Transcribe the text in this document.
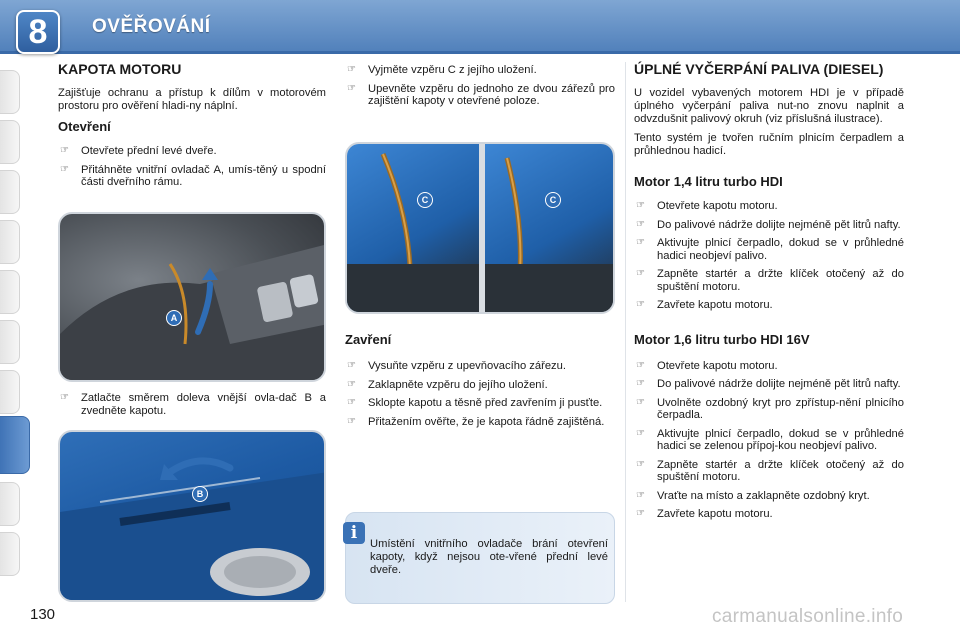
8	OVĚŘOVÁNÍ
KAPOTA MOTORU

Zajišťuje ochranu a přístup k dílům v motorovém prostoru pro ověření hladi-ny náplní.

Otevření
☞ Otevřete přední levé dveře.
☞ Přitáhněte vnitřní ovladač A, umís-těný u spodní části dveřního rámu.
A
☞ Zatlačte směrem doleva vnější ovla-dač B a zvedněte kapotu.
B
☞ Vyjměte vzpěru C z jejího uložení.
☞ Upevněte vzpěru do jednoho ze dvou zářezů pro zajištění kapoty v otevřené poloze.
C	C
Zavření
☞ Vysuňte vzpěru z upevňovacího zářezu.
☞ Zaklapněte vzpěru do jejího uložení.
☞ Sklopte kapotu a těsně před zavřením ji pusťte.
☞ Přitažením ověřte, že je kapota řádně zajištěná.
i
Umístění vnitřního ovladače brání otevření kapoty, když nejsou ote-vřené přední levé dveře.
ÚPLNÉ VYČERPÁNÍ PALIVA (DIESEL)

U vozidel vybavených motorem HDI je v případě úplného vyčerpání paliva nut-no znovu naplnit a odvzdušnit palivový okruh (viz příslušná ilustrace).

Tento systém je tvořen ručním plnicím čerpadlem a průhlednou hadicí.

Motor 1,4 litru turbo HDI
☞ Otevřete kapotu motoru.
☞ Do palivové nádrže dolijte nejméně pět litrů nafty.
☞ Aktivujte plnicí čerpadlo, dokud se v průhledné hadici neobjeví palivo.
☞ Zapněte startér a držte klíček otočený až do spuštění motoru.
☞ Zavřete kapotu motoru.
Motor 1,6 litru turbo HDI 16V
☞ Otevřete kapotu motoru.
☞ Do palivové nádrže dolijte nejméně pět litrů nafty.
☞ Uvolněte ozdobný kryt pro zpřístup-nění plnicího čerpadla.
☞ Aktivujte plnicí čerpadlo, dokud se v průhledné hadici se zelenou přípoj-kou neobjeví palivo.
☞ Zapněte startér a držte klíček otočený až do spuštění motoru.
☞ Vraťte na místo a zaklapněte ozdobný kryt.
☞ Zavřete kapotu motoru.
130	carmanualsonline.info
